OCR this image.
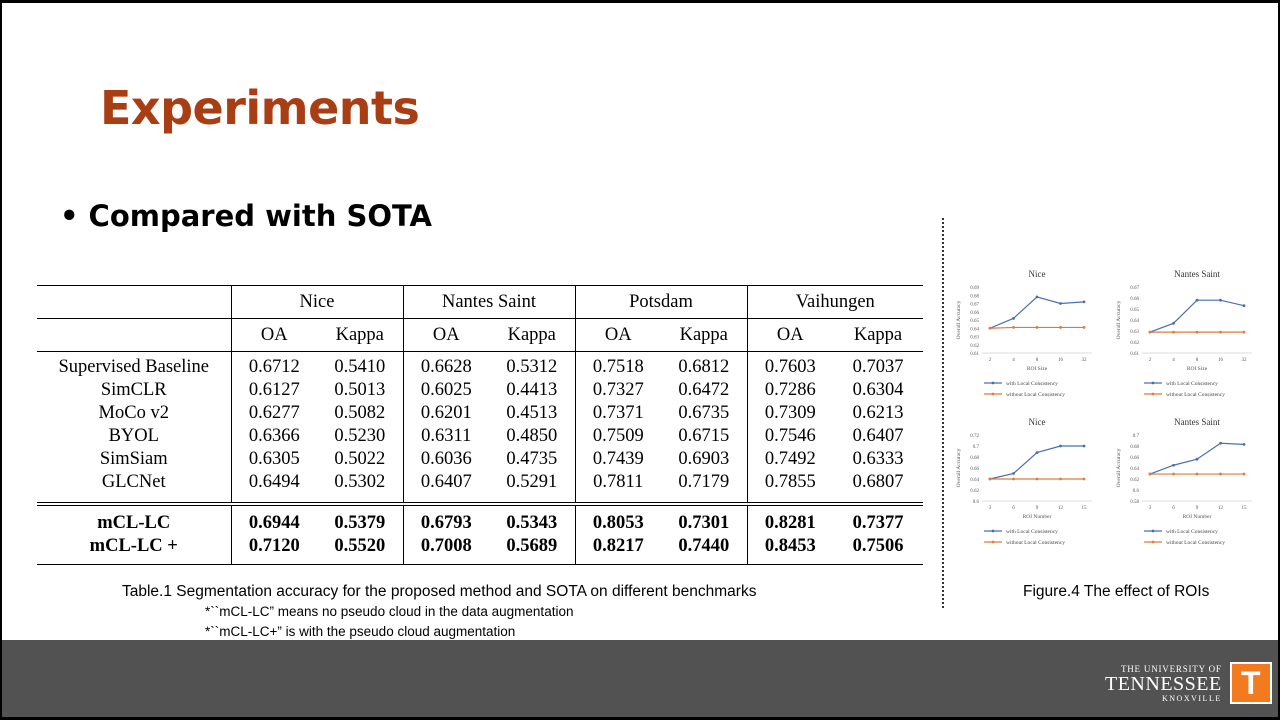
Experiments
• Compared with SOTA
	Nice		Nantes Saint		Potsdam		Vaihungen	
	OA	Kappa	OA	Kappa	OA	Kappa	OA	Kappa
Supervised Baseline	0.6712	0.5410	0.6628	0.5312	0.7518	0.6812	0.7603	0.7037
SimCLR	0.6127	0.5013	0.6025	0.4413	0.7327	0.6472	0.7286	0.6304
MoCo v2	0.6277	0.5082	0.6201	0.4513	0.7371	0.6735	0.7309	0.6213
BYOL	0.6366	0.5230	0.6311	0.4850	0.7509	0.6715	0.7546	0.6407
SimSiam	0.6305	0.5022	0.6036	0.4735	0.7439	0.6903	0.7492	0.6333
GLCNet	0.6494	0.5302	0.6407	0.5291	0.7811	0.7179	0.7855	0.6807
mCL-LC	0.6944	0.5379	0.6793	0.5343	0.8053	0.7301	0.8281	0.7377
mCL-LC +	0.7120	0.5520	0.7008	0.5689	0.8217	0.7440	0.8453	0.7506
Table.1 Segmentation accuracy for the proposed method and SOTA on different benchmarks
*``mCL-LC” means no pseudo cloud in the data augmentation
*``mCL-LC+” is with the pseudo cloud augmentation
Nice
Overall Accuracy
0.61
0.62
0.63
0.64
0.65
0.66
0.67
0.68
0.69
2	4	8	16	32
ROI Size
with Local Consistency
without Local Consistency
Nantes Saint
Overall Accuracy
0.61
0.62
0.63
0.64
0.65
0.66
0.67
2	4	8	16	32
ROI Size
with Local Consistency
without Local Consistency
Nice
Overall Accuracy
0.6
0.62
0.64
0.66
0.68
0.7
0.72
3	6	9	12	15
ROI Number
with Local Consistency
without Local Consistency
Nantes Saint
Overall Accuracy
0.58
0.6
0.62
0.64
0.66
0.68
0.7
3	6	9	12	15
ROI Number
with Local Consistency
without Local Consistency
Figure.4 The effect of ROIs
THE UNIVERSITY OF
TENNESSEE
KNOXVILLE T
